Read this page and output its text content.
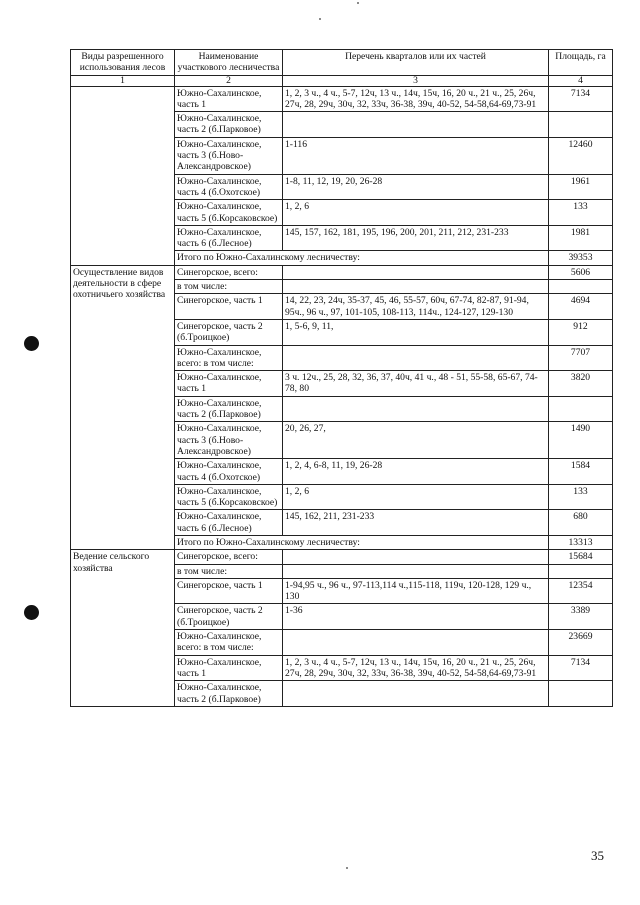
Виды разрешенного использования лесов	Наименование участкового лесничества	Перечень кварталов или их частей	Площадь, га
1	2	3	4
	Южно-Сахалинское, часть 1	1, 2, 3 ч., 4 ч., 5-7, 12ч, 13 ч., 14ч, 15ч, 16, 20 ч., 21 ч., 25, 26ч, 27ч, 28, 29ч, 30ч, 32, 33ч, 36-38, 39ч, 40-52, 54-58,64-69,73-91	7134
	Южно-Сахалинское, часть 2 (б.Парковое)		
	Южно-Сахалинское, часть 3 (б.Ново-Александровское)	1-116	12460
	Южно-Сахалинское, часть 4 (б.Охотское)	1-8, 11, 12, 19, 20, 26-28	1961
	Южно-Сахалинское, часть 5 (б.Корсаковское)	1, 2, 6	133
	Южно-Сахалинское, часть 6 (б.Лесное)	145, 157, 162, 181, 195, 196, 200, 201, 211, 212, 231-233	1981
	Итого по Южно-Сахалинскому лесничеству:		39353
Осуществление видов деятельности в сфере охотничьего хозяйства	Синегорское, всего:		5606
	в том числе:		
	Синегорское, часть 1	14, 22, 23, 24ч, 35-37, 45, 46, 55-57, 60ч, 67-74, 82-87, 91-94, 95ч., 96 ч., 97, 101-105, 108-113, 114ч., 124-127, 129-130	4694
	Синегорское, часть 2 (б.Троицкое)	1, 5-6, 9, 11,	912
	Южно-Сахалинское, всего: в том числе:		7707
	Южно-Сахалинское, часть 1	3 ч. 12ч., 25, 28, 32, 36, 37, 40ч, 41 ч., 48 - 51, 55-58, 65-67, 74-78, 80	3820
	Южно-Сахалинское, часть 2 (б.Парковое)		
	Южно-Сахалинское, часть 3 (б.Ново-Александровское)	20, 26, 27,	1490
	Южно-Сахалинское, часть 4 (б.Охотское)	1, 2, 4, 6-8, 11, 19, 26-28	1584
	Южно-Сахалинское, часть 5 (б.Корсаковское)	1, 2, 6	133
	Южно-Сахалинское, часть 6 (б.Лесное)	145, 162, 211, 231-233	680
	Итого по Южно-Сахалинскому лесничеству:		13313
Ведение сельского хозяйства	Синегорское, всего:		15684
	в том числе:		
	Синегорское, часть 1	1-94,95 ч., 96 ч., 97-113,114 ч.,115-118, 119ч, 120-128, 129 ч., 130	12354
	Синегорское, часть 2 (б.Троицкое)	1-36	3389
	Южно-Сахалинское, всего: в том числе:		23669
	Южно-Сахалинское, часть 1	1, 2, 3 ч., 4 ч., 5-7, 12ч, 13 ч., 14ч, 15ч, 16, 20 ч., 21 ч., 25, 26ч, 27ч, 28, 29ч, 30ч, 32, 33ч, 36-38, 39ч, 40-52, 54-58,64-69,73-91	7134
	Южно-Сахалинское, часть 2 (б.Парковое)		
35
